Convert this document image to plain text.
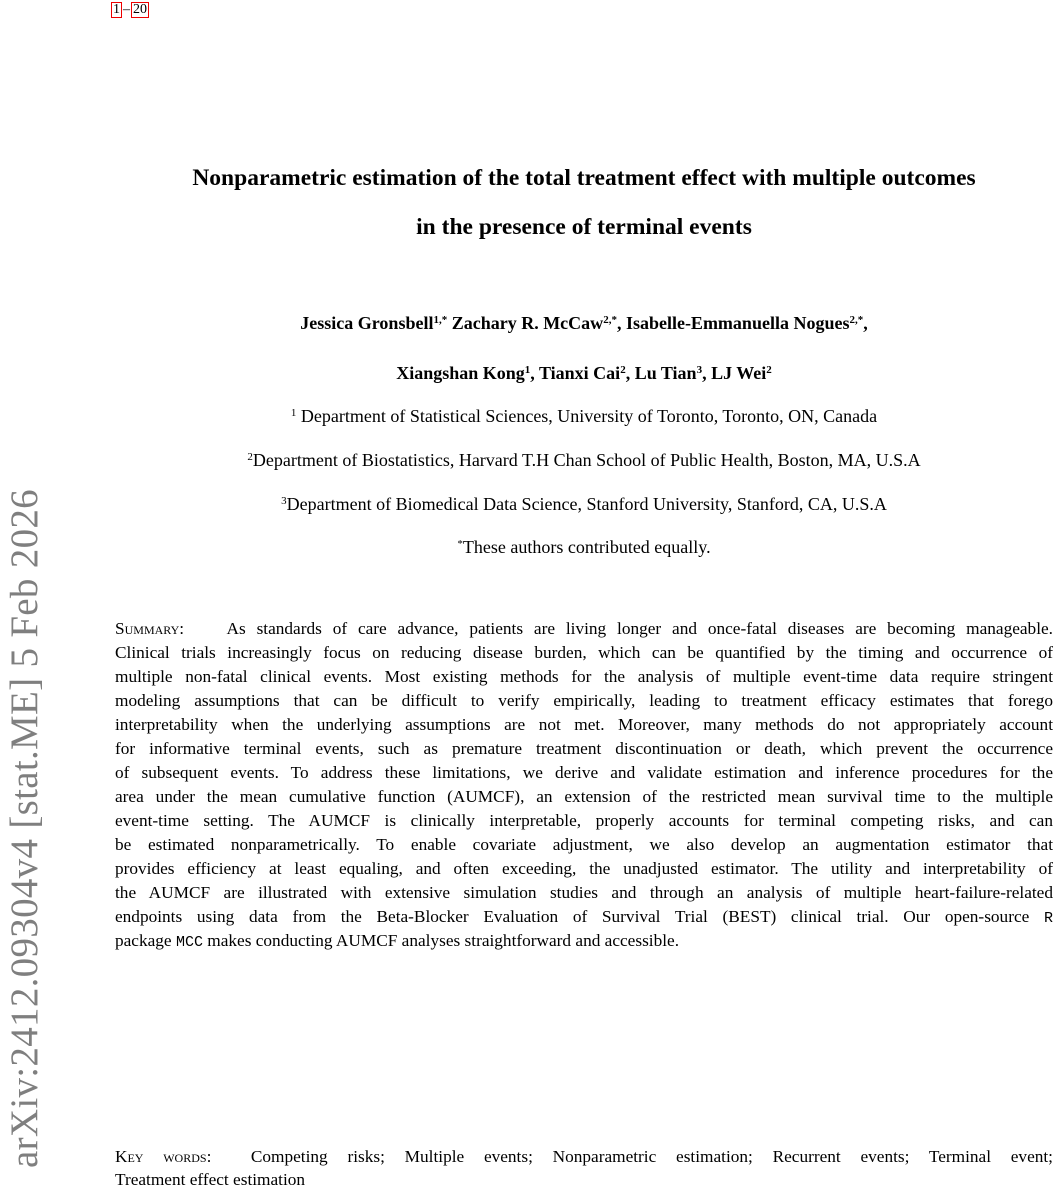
1 – 20
arXiv:2412.09304v4 [stat.ME] 5 Feb 2026
Nonparametric estimation of the total treatment effect with multiple outcomes
in the presence of terminal events
Jessica Gronsbell$^{1,*}$ Zachary R. McCaw$^{2,*}$, Isabelle-Emmanuella Nogues$^{2,*}$,
Xiangshan Kong$^1$, Tianxi Cai$^2$, Lu Tian$^3$, LJ Wei$^2$
$^1$ Department of Statistical Sciences, University of Toronto, Toronto, ON, Canada
$^2$Department of Biostatistics, Harvard T.H Chan School of Public Health, Boston, MA, U.S.A
$^3$Department of Biomedical Data Science, Stanford University, Stanford, CA, U.S.A
*These authors contributed equally.
Summary: As standards of care advance, patients are living longer and once-fatal diseases are becoming manageable.
Clinical trials increasingly focus on reducing disease burden, which can be quantified by the timing and occurrence of
multiple non-fatal clinical events. Most existing methods for the analysis of multiple event-time data require stringent
modeling assumptions that can be difficult to verify empirically, leading to treatment efficacy estimates that forego
interpretability when the underlying assumptions are not met. Moreover, many methods do not appropriately account
for informative terminal events, such as premature treatment discontinuation or death, which prevent the occurrence
of subsequent events. To address these limitations, we derive and validate estimation and inference procedures for the
area under the mean cumulative function (AUMCF), an extension of the restricted mean survival time to the multiple
event-time setting. The AUMCF is clinically interpretable, properly accounts for terminal competing risks, and can
be estimated nonparametrically. To enable covariate adjustment, we also develop an augmentation estimator that
provides efficiency at least equaling, and often exceeding, the unadjusted estimator. The utility and interpretability of
the AUMCF are illustrated with extensive simulation studies and through an analysis of multiple heart-failure-related
endpoints using data from the Beta-Blocker Evaluation of Survival Trial (BEST) clinical trial. Our open-source R
package MCC makes conducting AUMCF analyses straightforward and accessible.
Key words: Competing risks; Multiple events; Nonparametric estimation; Recurrent events; Terminal event;
Treatment effect estimation
